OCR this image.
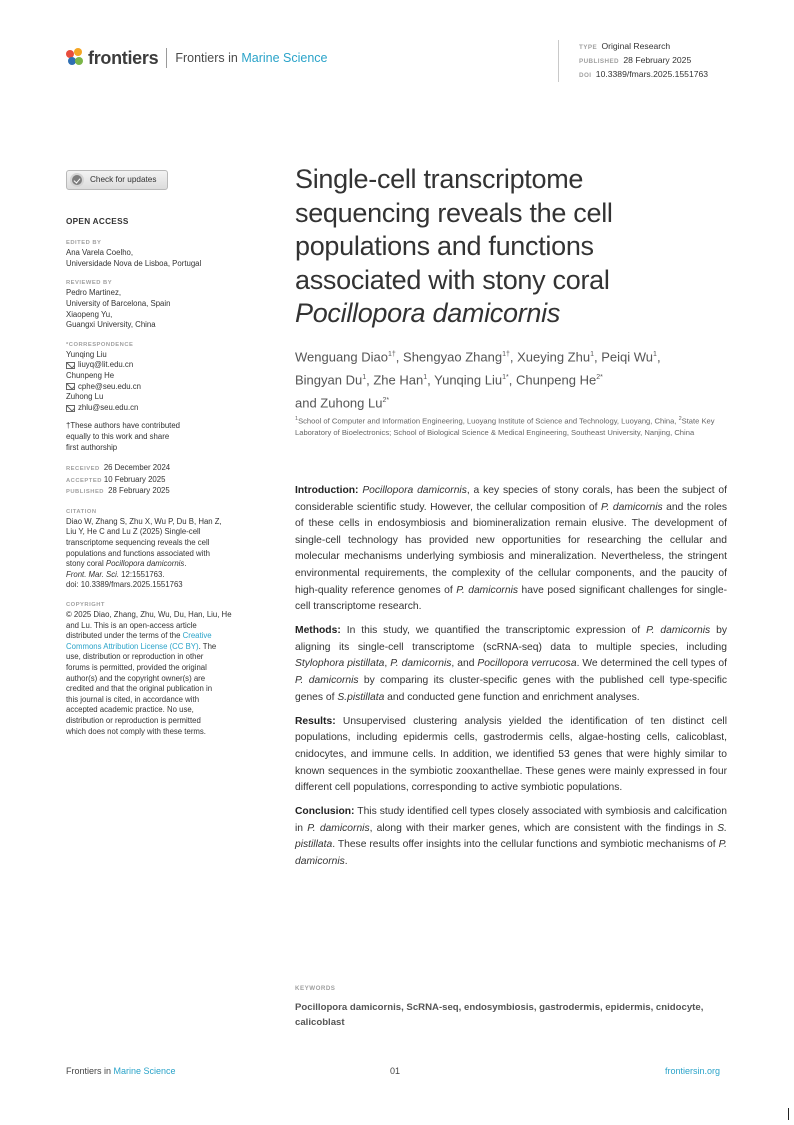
frontiers Frontiers in Marine Science
TYPE Original Research
PUBLISHED 28 February 2025
DOI 10.3389/fmars.2025.1551763
Check for updates
OPEN ACCESS
EDITED BY
Ana Varela Coelho,
Universidade Nova de Lisboa, Portugal
REVIEWED BY
Pedro Martinez,
University of Barcelona, Spain
Xiaopeng Yu,
Guangxi University, China
*CORRESPONDENCE
Yunqing Liu
liuyq@lit.edu.cn
Chunpeng He
cphe@seu.edu.cn
Zuhong Lu
zhlu@seu.edu.cn
†These authors have contributed
equally to this work and share
first authorship
RECEIVED 26 December 2024
ACCEPTED 10 February 2025
PUBLISHED 28 February 2025
CITATION
Diao W, Zhang S, Zhu X, Wu P, Du B, Han Z,
Liu Y, He C and Lu Z (2025) Single-cell
transcriptome sequencing reveals the cell
populations and functions associated with
stony coral Pocillopora damicornis.
Front. Mar. Sci. 12:1551763.
doi: 10.3389/fmars.2025.1551763
COPYRIGHT
© 2025 Diao, Zhang, Zhu, Wu, Du, Han, Liu, He
and Lu. This is an open-access article
distributed under the terms of the Creative
Commons Attribution License (CC BY). The
use, distribution or reproduction in other
forums is permitted, provided the original
author(s) and the copyright owner(s) are
credited and that the original publication in
this journal is cited, in accordance with
accepted academic practice. No use,
distribution or reproduction is permitted
which does not comply with these terms.
Single-cell transcriptome
sequencing reveals the cell
populations and functions
associated with stony coral
Pocillopora damicornis
Wenguang Diao$^{1\dagger}$, Shengyao Zhang$^{1\dagger}$, Xueying Zhu$^1$, Peiqi Wu$^1$,
Bingyan Du$^1$, Zhe Han$^1$, Yunqing Liu$^{1*}$, Chunpeng $He^{2*}$
and Zuhong $Lu^{2*}$
$^1$School of Computer and Information Engineering, Luoyang Institute of Science and Technology, Luoyang, China, $^2$State Key Laboratory of Bioelectronics; School of Biological Science & Medical Engineering, Southeast University, Nanjing, China

Introduction: Pocillopora damicornis, a key species of stony corals, has been the subject of considerable scientific study. However, the cellular composition of P. damicornis and the roles of these cells in endosymbiosis and biomineralization remain elusive. The development of single-cell technology has provided new opportunities for researching the cellular and molecular mechanisms underlying symbiosis and mineralization. Nevertheless, the stringent environmental requirements, the complexity of the cellular components, and the paucity of high-quality reference genomes of P. damicornis have posed significant challenges for single-cell transcriptome research.

Methods: In this study, we quantified the transcriptomic expression of P. damicornis by aligning its single-cell transcriptome (scRNA-seq) data to multiple species, including Stylophora pistillata, P. damicornis, and Pocillopora verrucosa. We determined the cell types of P. damicornis by comparing its cluster-specific genes with the published cell type-specific genes of S.pistillata and conducted gene function and enrichment analyses.

Results: Unsupervised clustering analysis yielded the identification of ten distinct cell populations, including epidermis cells, gastrodermis cells, algae-hosting cells, calicoblast, cnidocytes, and immune cells. In addition, we identified 53 genes that were highly similar to known sequences in the symbiotic zooxanthellae. These genes were mainly expressed in four different cell populations, corresponding to active symbiotic populations.

Conclusion: This study identified cell types closely associated with symbiosis and calcification in P. damicornis, along with their marker genes, which are consistent with the findings in S. pistillata. These results offer insights into the cellular functions and symbiotic mechanisms of P. damicornis.

KEYWORDS
Pocillopora damicornis, ScRNA-seq, endosymbiosis, gastrodermis, epidermis, cnidocyte, calicoblast
Frontiers in Marine Science	01	frontiersin.org
